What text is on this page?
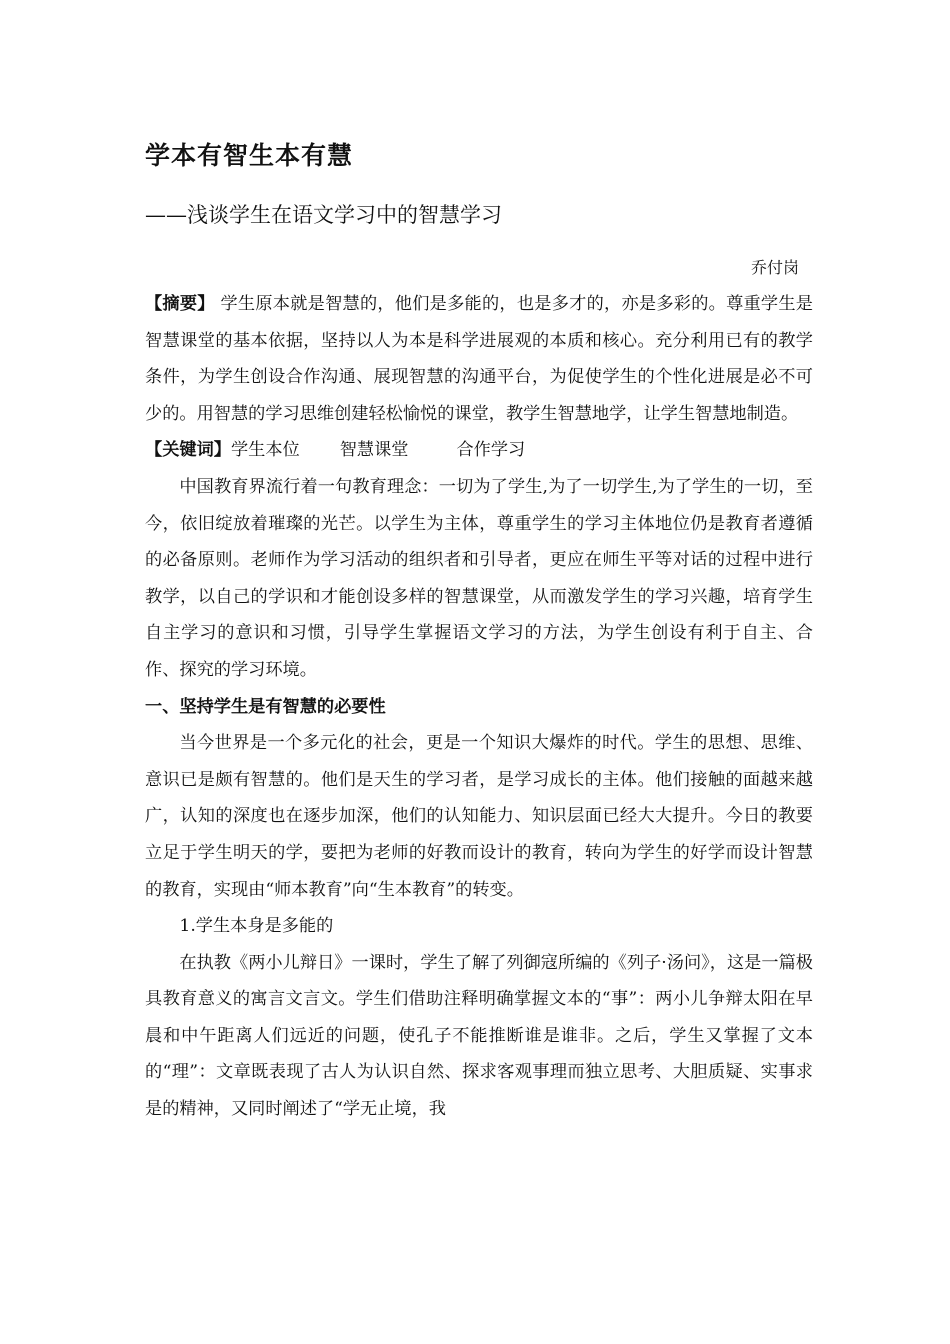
学本有智生本有慧
——浅谈学生在语文学习中的智慧学习
乔付岗

【摘要】 学生原本就是智慧的，他们是多能的，也是多才的，亦是多彩的。尊重学生是智慧课堂的基本依据，坚持以人为本是科学进展观的本质和核心。充分利用已有的教学条件，为学生创设合作沟通、展现智慧的沟通平台，为促使学生的个性化进展是必不可少的。用智慧的学习思维创建轻松愉悦的课堂，教学生智慧地学，让学生智慧地制造。

【关键词】学生本位 智慧课堂	合作学习

中国教育界流行着一句教育理念：一切为了学生,为了一切学生,为了学生的一切，至今，依旧绽放着璀璨的光芒。以学生为主体，尊重学生的学习主体地位仍是教育者遵循的必备原则。老师作为学习活动的组织者和引导者，更应在师生平等对话的过程中进行教学，以自己的学识和才能创设多样的智慧课堂，从而激发学生的学习兴趣，培育学生自主学习的意识和习惯，引导学生掌握语文学习的方法，为学生创设有利于自主、合作、探究的学习环境。

一、坚持学生是有智慧的必要性

当今世界是一个多元化的社会，更是一个知识大爆炸的时代。学生的思想、思维、意识已是颇有智慧的。他们是天生的学习者，是学习成长的主体。他们接触的面越来越广，认知的深度也在逐步加深，他们的认知能力、知识层面已经大大提升。今日的教要立足于学生明天的学，要把为老师的好教而设计的教育，转向为学生的好学而设计智慧的教育，实现由“师本教育”向“生本教育”的转变。

1.学生本身是多能的

在执教《两小儿辩日》一课时，学生了解了列御寇所编的《列子·汤问》，这是一篇极具教育意义的寓言文言文。学生们借助注释明确掌握文本的“事”：两小儿争辩太阳在早晨和中午距离人们远近的问题，使孔子不能推断谁是谁非。之后，学生又掌握了文本的“理”：文章既表现了古人为认识自然、探求客观事理而独立思考、大胆质疑、实事求是的精神，又同时阐述了“学无止境，我
